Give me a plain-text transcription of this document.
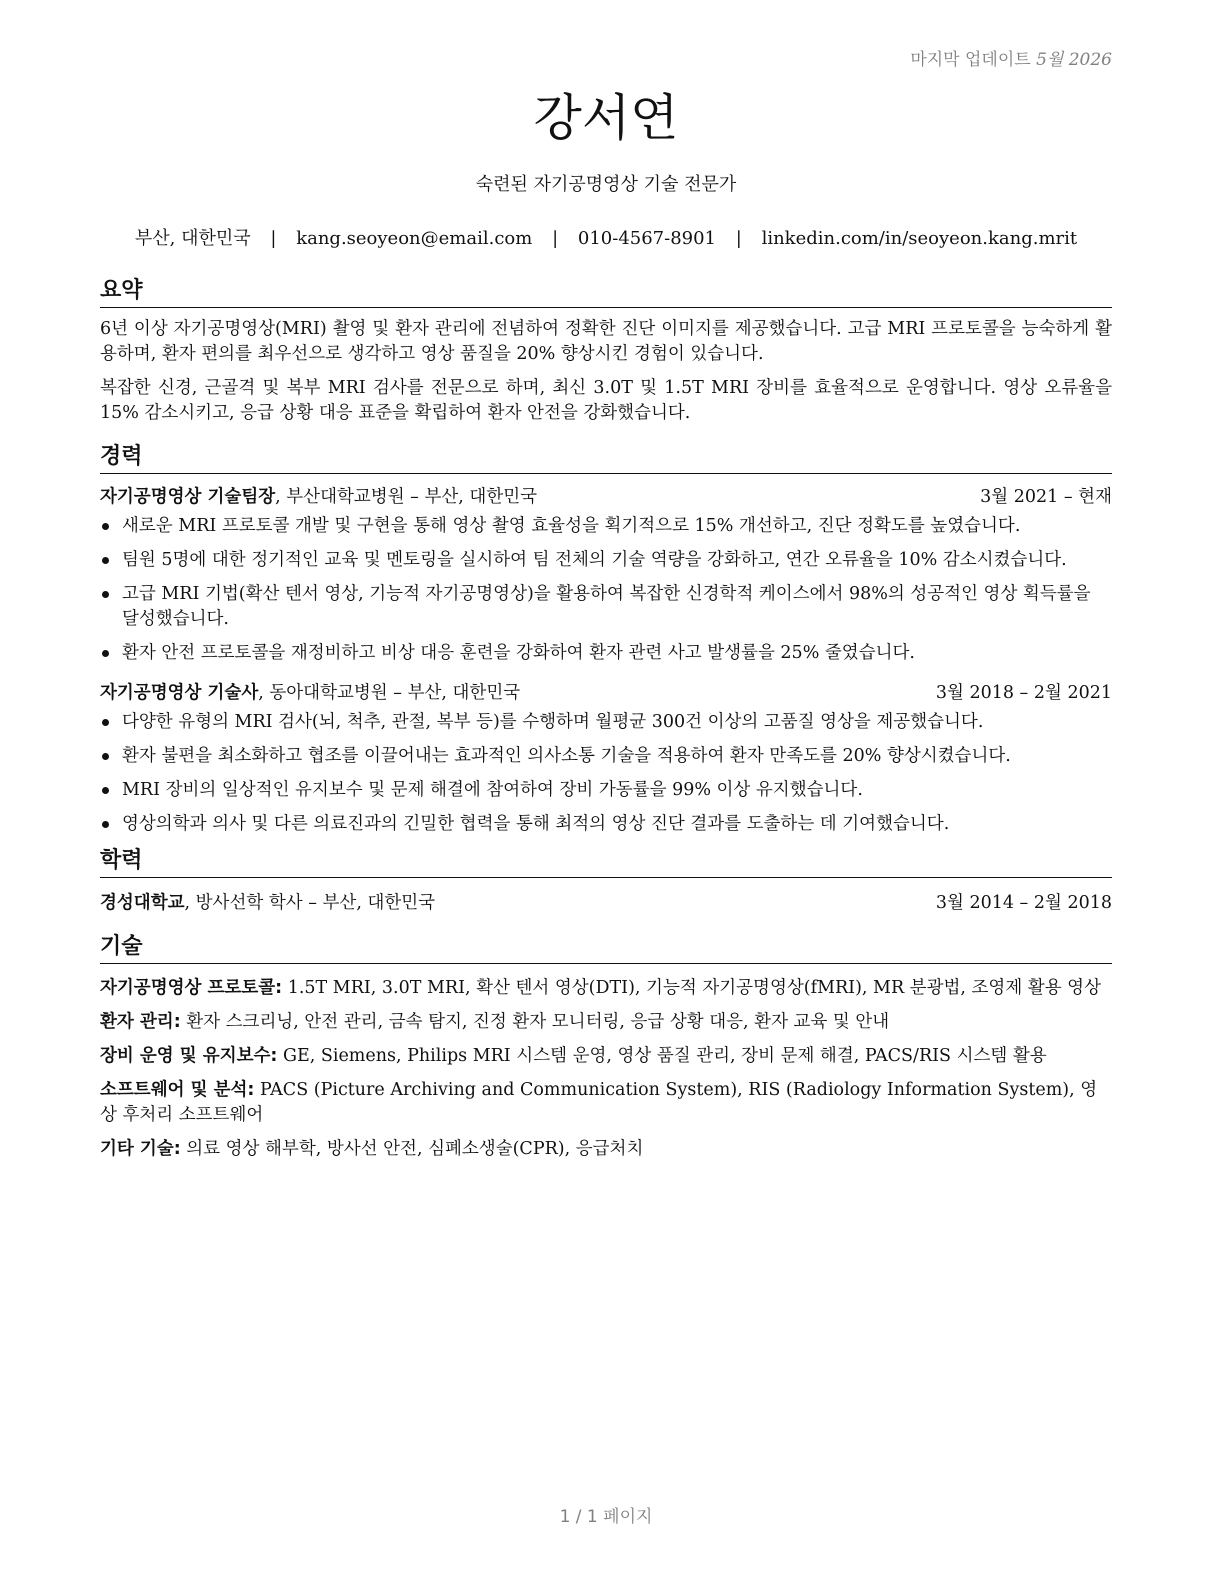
마지막 업데이트 5월 2026
강서연
숙련된 자기공명영상 기술 전문가
부산, 대한민국 | kang.seoyeon@email.com | 010-4567-8901 | linkedin.com/in/seoyeon.kang.mrit
요약

6년 이상 자기공명영상(MRI) 촬영 및 환자 관리에 전념하여 정확한 진단 이미지를 제공했습니다. 고급 MRI 프로토콜을 능숙하게 활용하며, 환자 편의를 최우선으로 생각하고 영상 품질을 20% 향상시킨 경험이 있습니다.

복잡한 신경, 근골격 및 복부 MRI 검사를 전문으로 하며, 최신 3.0T 및 1.5T MRI 장비를 효율적으로 운영합니다. 영상 오류율을 15% 감소시키고, 응급 상황 대응 표준을 확립하여 환자 안전을 강화했습니다.

경력
자기공명영상 기술팀장, 부산대학교병원 – 부산, 대한민국	3월 2021 – 현재
새로운 MRI 프로토콜 개발 및 구현을 통해 영상 촬영 효율성을 획기적으로 15% 개선하고, 진단 정확도를 높였습니다.
팀원 5명에 대한 정기적인 교육 및 멘토링을 실시하여 팀 전체의 기술 역량을 강화하고, 연간 오류율을 10% 감소시켰습니다.
고급 MRI 기법(확산 텐서 영상, 기능적 자기공명영상)을 활용하여 복잡한 신경학적 케이스에서 98%의 성공적인 영상 획득률을 달성했습니다.
환자 안전 프로토콜을 재정비하고 비상 대응 훈련을 강화하여 환자 관련 사고 발생률을 25% 줄였습니다.
자기공명영상 기술사, 동아대학교병원 – 부산, 대한민국	3월 2018 – 2월 2021
다양한 유형의 MRI 검사(뇌, 척추, 관절, 복부 등)를 수행하며 월평균 300건 이상의 고품질 영상을 제공했습니다.
환자 불편을 최소화하고 협조를 이끌어내는 효과적인 의사소통 기술을 적용하여 환자 만족도를 20% 향상시켰습니다.
MRI 장비의 일상적인 유지보수 및 문제 해결에 참여하여 장비 가동률을 99% 이상 유지했습니다.
영상의학과 의사 및 다른 의료진과의 긴밀한 협력을 통해 최적의 영상 진단 결과를 도출하는 데 기여했습니다.
학력
경성대학교, 방사선학 학사 – 부산, 대한민국	3월 2014 – 2월 2018
기술
자기공명영상 프로토콜: 1.5T MRI, 3.0T MRI, 확산 텐서 영상(DTI), 기능적 자기공명영상(fMRI), MR 분광법, 조영제 활용 영상
환자 관리: 환자 스크리닝, 안전 관리, 금속 탐지, 진정 환자 모니터링, 응급 상황 대응, 환자 교육 및 안내
장비 운영 및 유지보수: GE, Siemens, Philips MRI 시스템 운영, 영상 품질 관리, 장비 문제 해결, PACS/RIS 시스템 활용
소프트웨어 및 분석: PACS (Picture Archiving and Communication System), RIS (Radiology Information System), 영상 후처리 소프트웨어
기타 기술: 의료 영상 해부학, 방사선 안전, 심폐소생술(CPR), 응급처치
1 / 1 페이지
